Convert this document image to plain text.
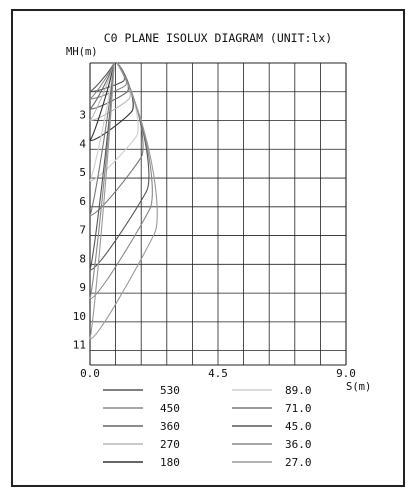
C0 PLANE ISOLUX DIAGRAM (UNIT:lx)
MH(m)
S(m)
3
4
5
6
7
8
9
10
11
0.0	4.5	9.0
530
450
360
270
180
89.0
71.0
45.0
36.0
27.0
